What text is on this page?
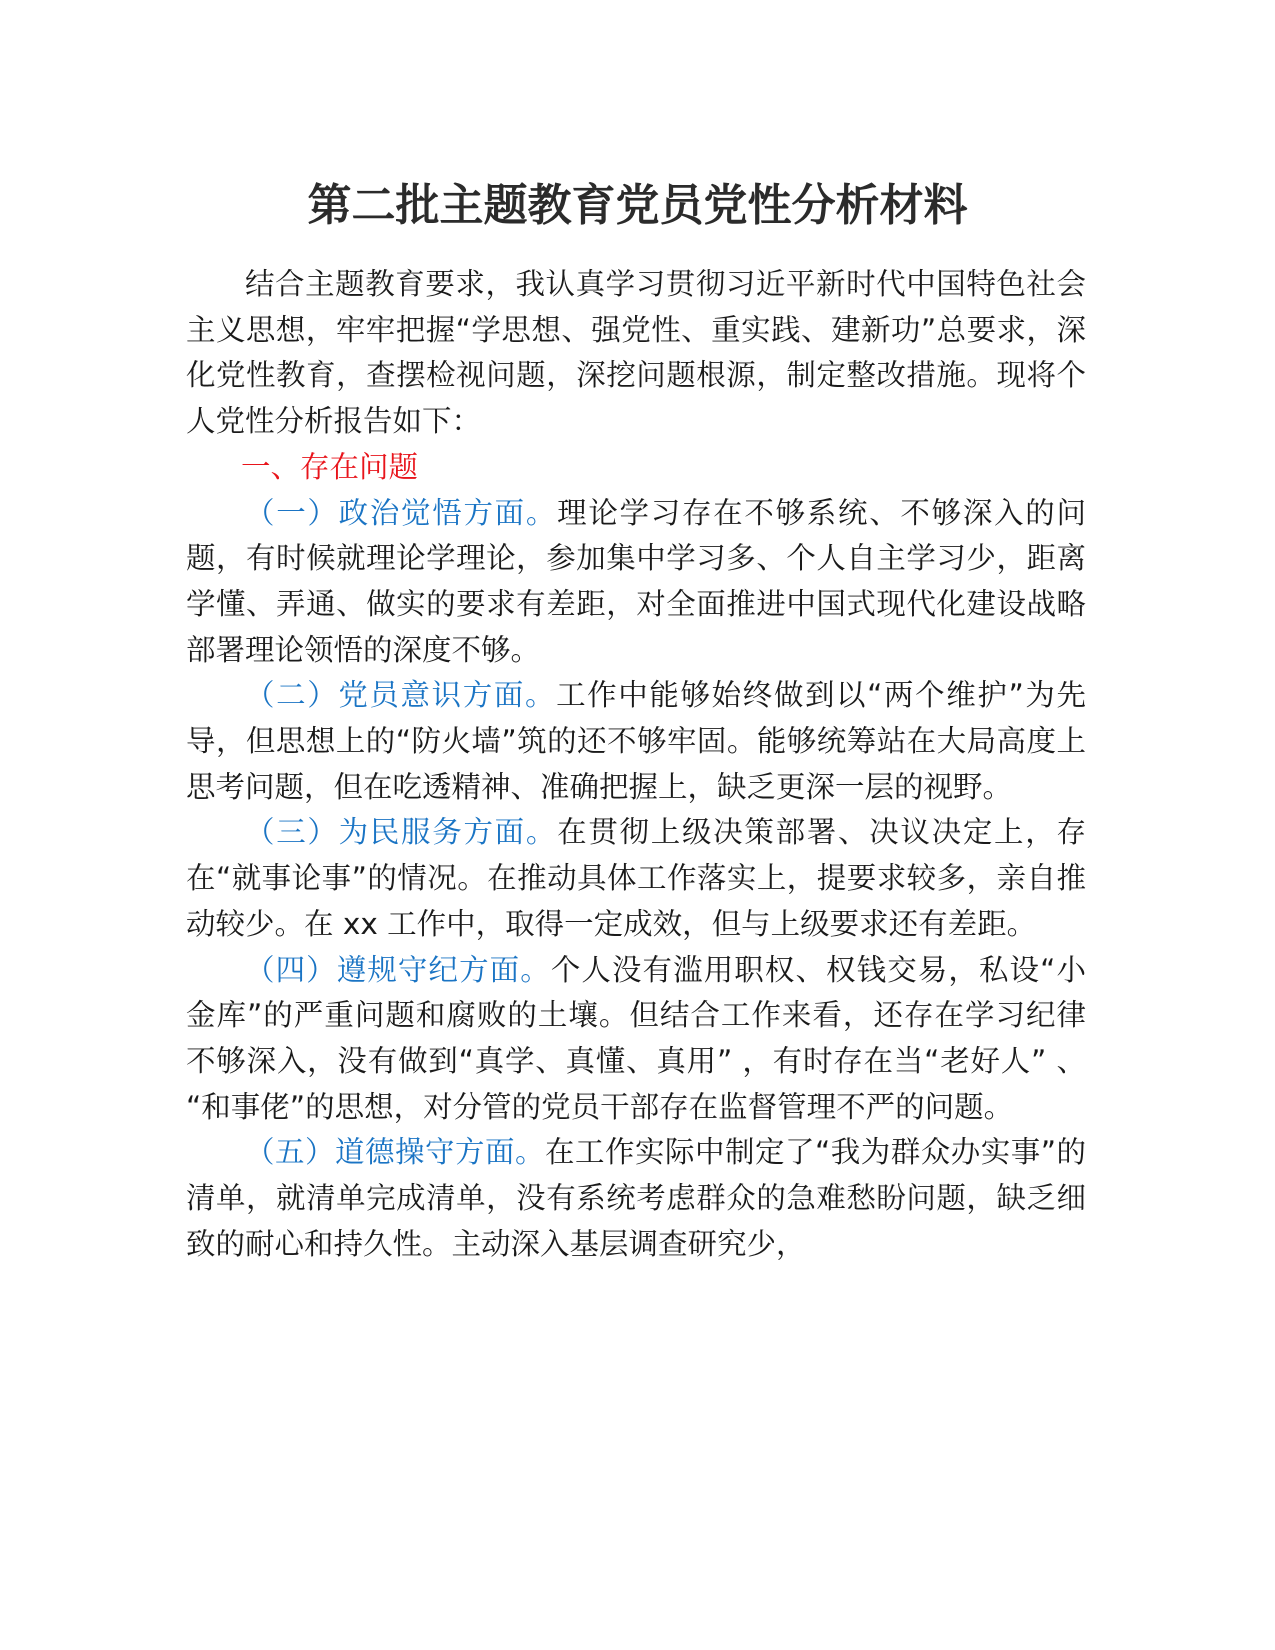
第二批主题教育党员党性分析材料

结合主题教育要求，我认真学习贯彻习近平新时代中国特色社会主义思想，牢牢把握“学思想、强党性、重实践、建新功”总要求，深化党性教育，查摆检视问题，深挖问题根源，制定整改措施。现将个人党性分析报告如下：

一、存在问题

（一）政治觉悟方面。理论学习存在不够系统、不够深入的问题，有时候就理论学理论，参加集中学习多、个人自主学习少，距离学懂、弄通、做实的要求有差距，对全面推进中国式现代化建设战略部署理论领悟的深度不够。

（二）党员意识方面。工作中能够始终做到以“两个维护”为先导，但思想上的“防火墙”筑的还不够牢固。能够统筹站在大局高度上思考问题，但在吃透精神、准确把握上，缺乏更深一层的视野。

（三）为民服务方面。在贯彻上级决策部署、决议决定上，存在“就事论事”的情况。在推动具体工作落实上，提要求较多，亲自推动较少。在 xx 工作中，取得一定成效，但与上级要求还有差距。

（四）遵规守纪方面。个人没有滥用职权、权钱交易，私设“小金库”的严重问题和腐败的土壤。但结合工作来看，还存在学习纪律不够深入，没有做到“真学、真懂、真用” ，有时存在当“老好人” 、 “和事佬”的思想，对分管的党员干部存在监督管理不严的问题。

（五）道德操守方面。在工作实际中制定了“我为群众办实事”的清单，就清单完成清单，没有系统考虑群众的急难愁盼问题，缺乏细致的耐心和持久性。主动深入基层调查研究少，
